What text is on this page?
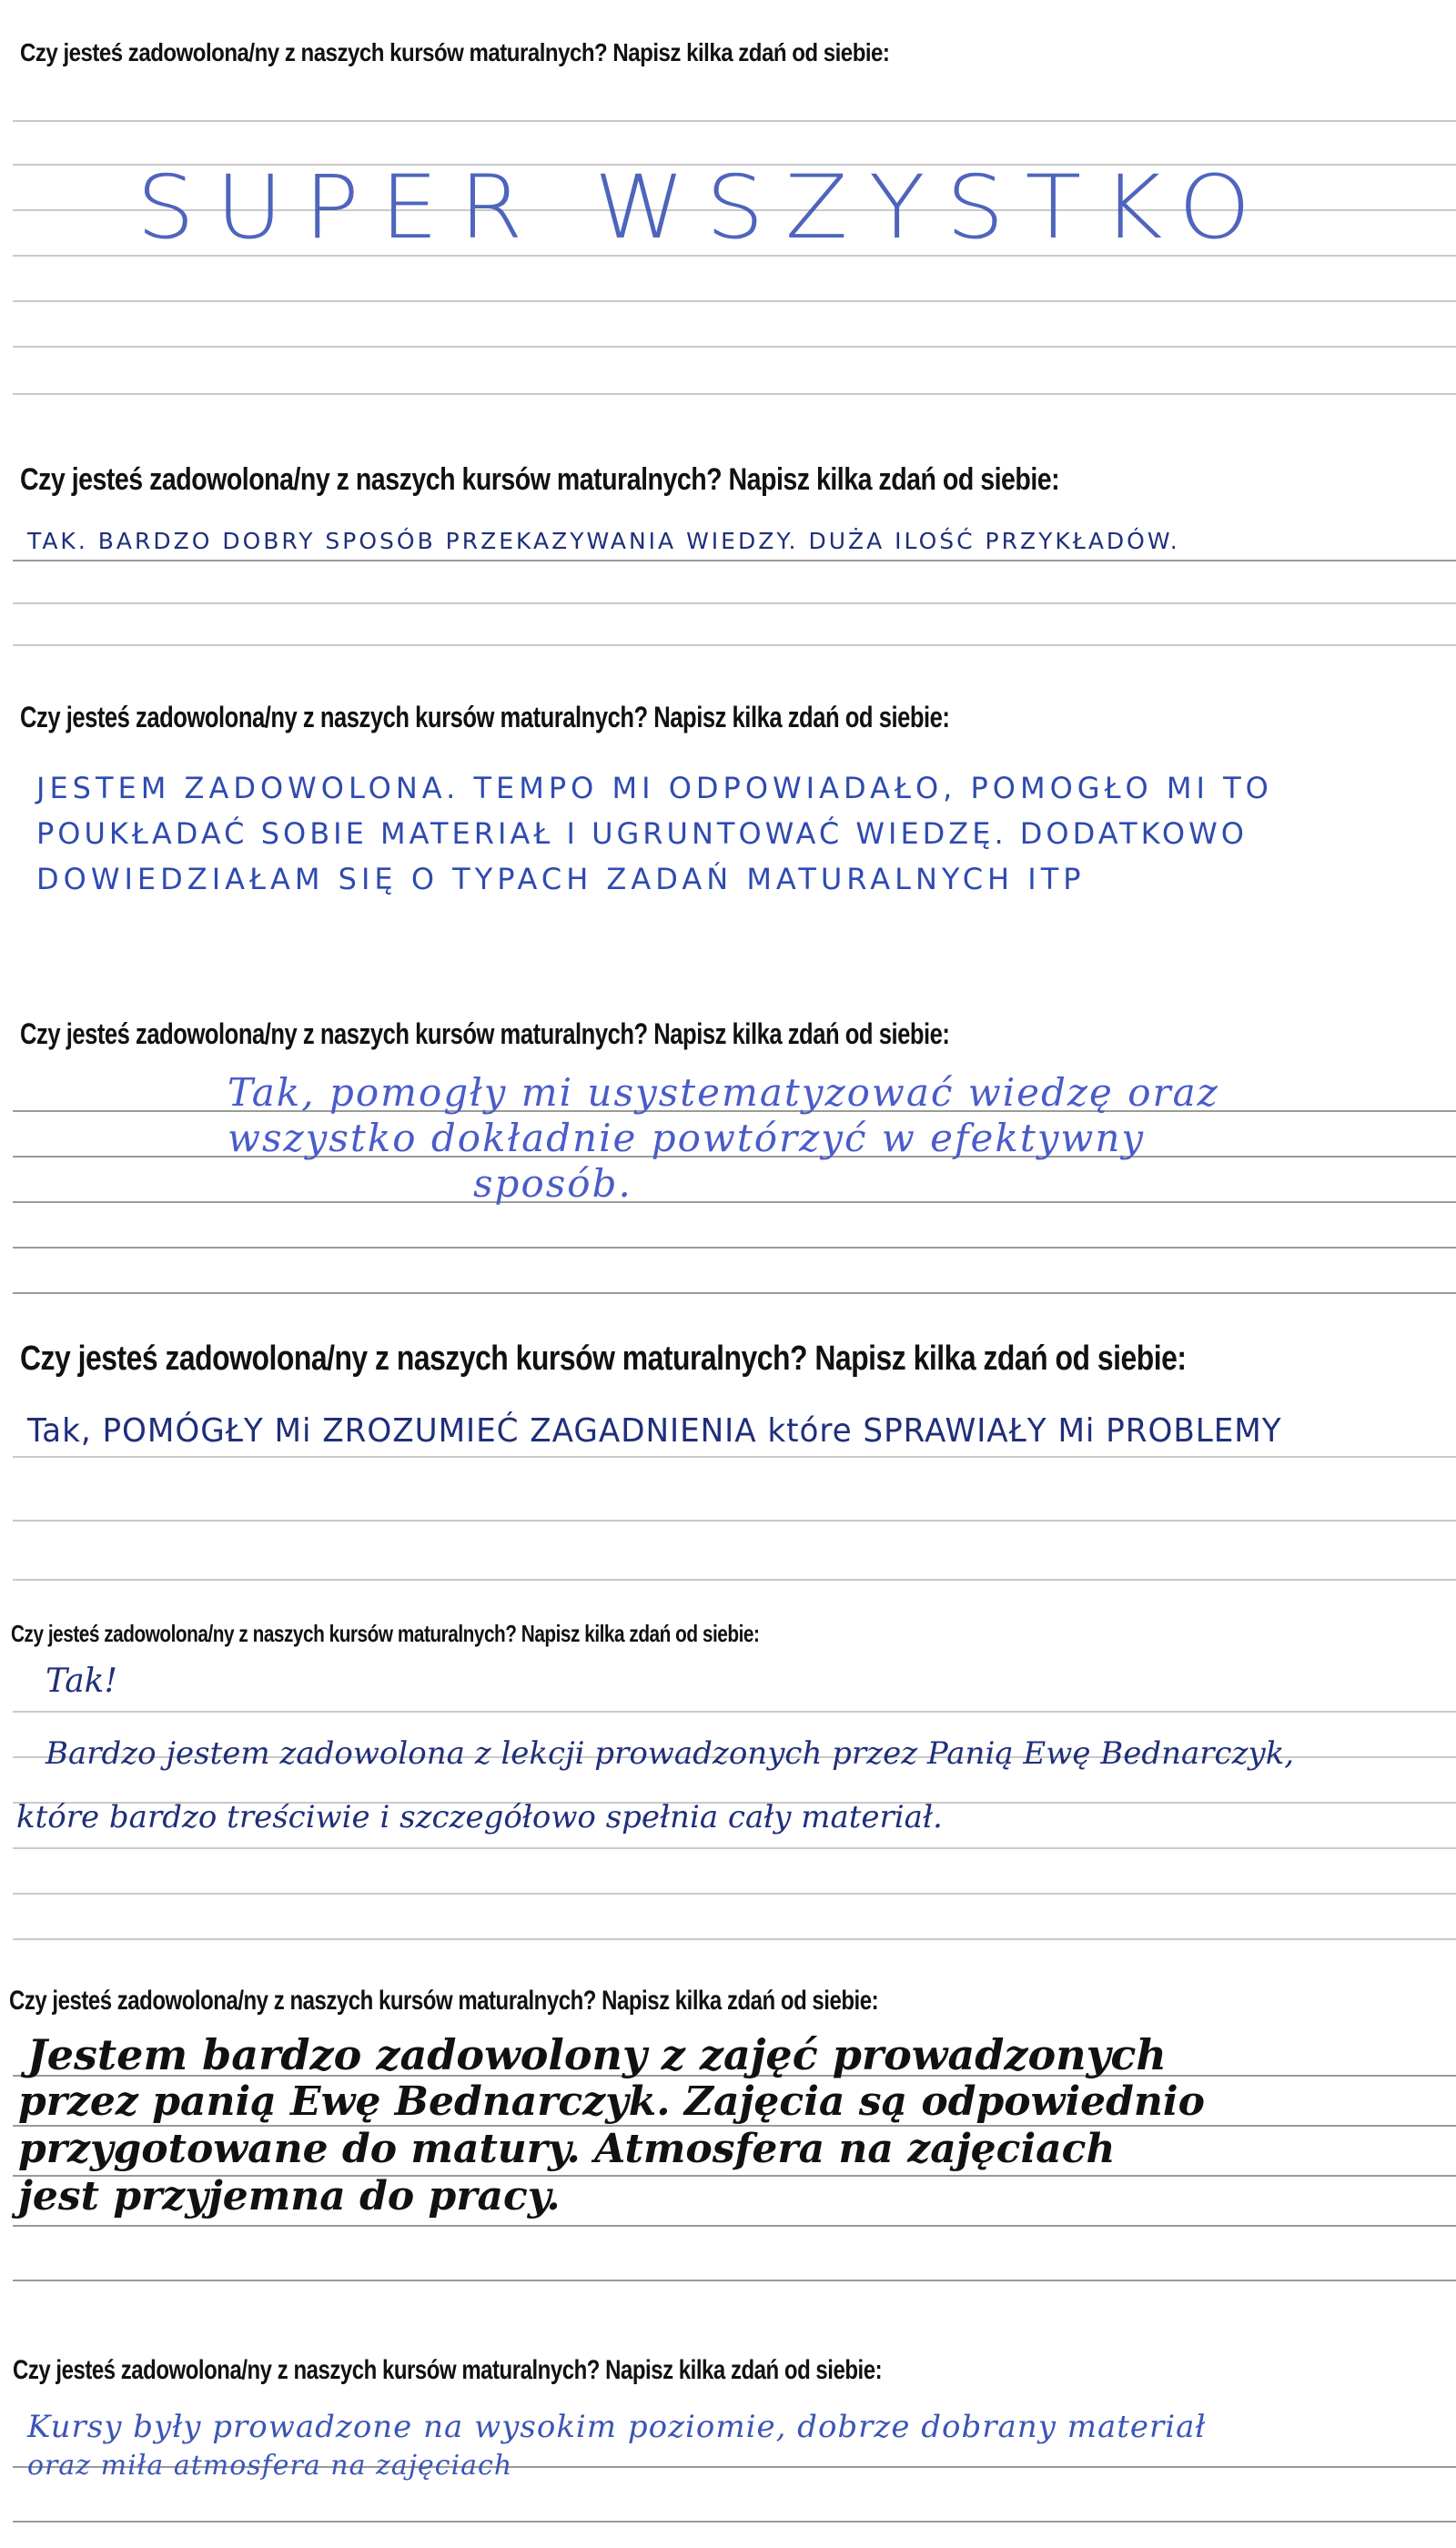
Czy jesteś zadowolona/ny z naszych kursów maturalnych? Napisz kilka zdań od siebie:
SUPER WSZYSTKO
Czy jesteś zadowolona/ny z naszych kursów maturalnych? Napisz kilka zdań od siebie:
TAK. BARDZO DOBRY SPOSÓB PRZEKAZYWANIA WIEDZY. DUŻA ILOŚĆ PRZYKŁADÓW.
Czy jesteś zadowolona/ny z naszych kursów maturalnych? Napisz kilka zdań od siebie:
JESTEM ZADOWOLONA. TEMPO MI ODPOWIADAŁO, POMOGŁO MI TO
POUKŁADAĆ SOBIE MATERIAŁ I UGRUNTOWAĆ WIEDZĘ. DODATKOWO
DOWIEDZIAŁAM SIĘ O TYPACH ZADAŃ MATURALNYCH ITP
Czy jesteś zadowolona/ny z naszych kursów maturalnych? Napisz kilka zdań od siebie:
Tak, pomogły mi usystematyzować wiedzę oraz
wszystko dokładnie powtórzyć w efektywny
sposób.
Czy jesteś zadowolona/ny z naszych kursów maturalnych? Napisz kilka zdań od siebie:
Tak, POMÓGŁY Mi ZROZUMIEĆ ZAGADNIENIA które SPRAWIAŁY Mi PROBLEMY
Czy jesteś zadowolona/ny z naszych kursów maturalnych? Napisz kilka zdań od siebie:
Tak!
Bardzo jestem zadowolona z lekcji prowadzonych przez Panią Ewę Bednarczyk,
które bardzo treściwie i szczegółowo spełnia cały materiał.
Czy jesteś zadowolona/ny z naszych kursów maturalnych? Napisz kilka zdań od siebie:
Jestem bardzo zadowolony z zajęć prowadzonych
przez panią Ewę Bednarczyk. Zajęcia są odpowiednio
przygotowane do matury. Atmosfera na zajęciach
jest przyjemna do pracy.
Czy jesteś zadowolona/ny z naszych kursów maturalnych? Napisz kilka zdań od siebie:
Kursy były prowadzone na wysokim poziomie, dobrze dobrany materiał
oraz miła atmosfera na zajęciach
